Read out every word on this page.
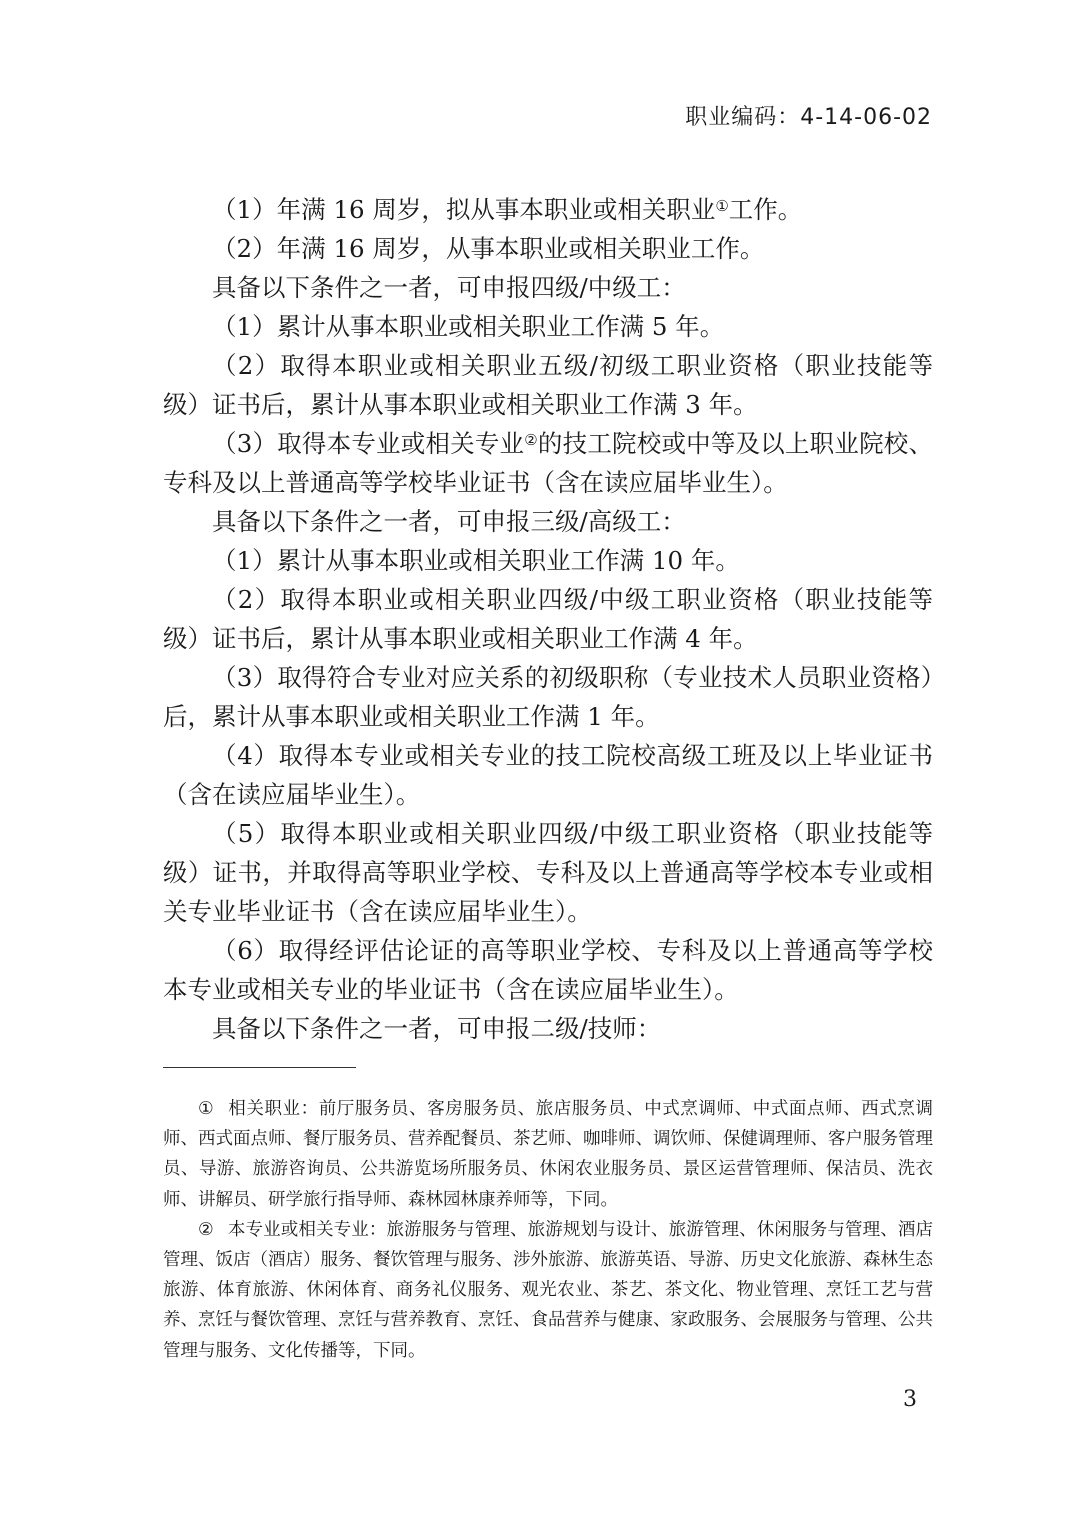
职业编码：4-14-06-02

（1）年满 16 周岁，拟从事本职业或相关职业①工作。

（2）年满 16 周岁，从事本职业或相关职业工作。

具备以下条件之一者，可申报四级/中级工：

（1）累计从事本职业或相关职业工作满 5 年。

（2）取得本职业或相关职业五级/初级工职业资格（职业技能等级）证书后，累计从事本职业或相关职业工作满 3 年。

（3）取得本专业或相关专业②的技工院校或中等及以上职业院校、专科及以上普通高等学校毕业证书（含在读应届毕业生）。

具备以下条件之一者，可申报三级/高级工：

（1）累计从事本职业或相关职业工作满 10 年。

（2）取得本职业或相关职业四级/中级工职业资格（职业技能等级）证书后，累计从事本职业或相关职业工作满 4 年。

（3）取得符合专业对应关系的初级职称（专业技术人员职业资格）后，累计从事本职业或相关职业工作满 1 年。

（4）取得本专业或相关专业的技工院校高级工班及以上毕业证书（含在读应届毕业生）。

（5）取得本职业或相关职业四级/中级工职业资格（职业技能等级）证书，并取得高等职业学校、专科及以上普通高等学校本专业或相关专业毕业证书（含在读应届毕业生）。

（6）取得经评估论证的高等职业学校、专科及以上普通高等学校本专业或相关专业的毕业证书（含在读应届毕业生）。

具备以下条件之一者，可申报二级/技师：

① 相关职业：前厅服务员、客房服务员、旅店服务员、中式烹调师、中式面点师、西式烹调师、西式面点师、餐厅服务员、营养配餐员、茶艺师、咖啡师、调饮师、保健调理师、客户服务管理员、导游、旅游咨询员、公共游览场所服务员、休闲农业服务员、景区运营管理师、保洁员、洗衣师、讲解员、研学旅行指导师、森林园林康养师等，下同。

② 本专业或相关专业：旅游服务与管理、旅游规划与设计、旅游管理、休闲服务与管理、酒店管理、饭店（酒店）服务、餐饮管理与服务、涉外旅游、旅游英语、导游、历史文化旅游、森林生态旅游、体育旅游、休闲体育、商务礼仪服务、观光农业、茶艺、茶文化、物业管理、烹饪工艺与营养、烹饪与餐饮管理、烹饪与营养教育、烹饪、食品营养与健康、家政服务、会展服务与管理、公共管理与服务、文化传播等，下同。

3
